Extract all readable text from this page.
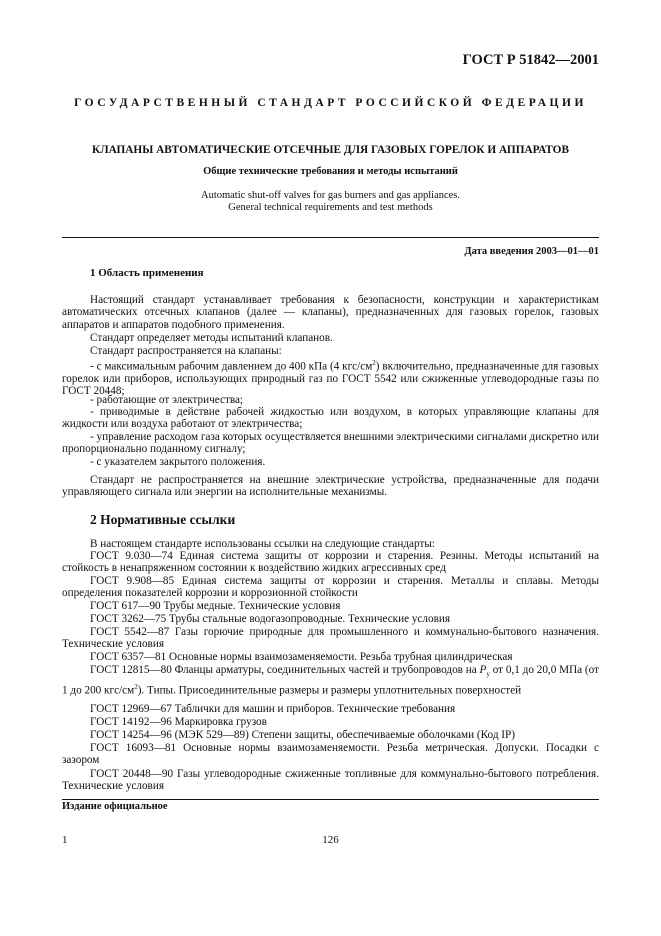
ГОСТ Р 51842—2001
ГОСУДАРСТВЕННЫЙ СТАНДАРТ РОССИЙСКОЙ ФЕДЕРАЦИИ
КЛАПАНЫ АВТОМАТИЧЕСКИЕ ОТСЕЧНЫЕ ДЛЯ ГАЗОВЫХ ГОРЕЛОК И АППАРАТОВ
Общие технические требования и методы испытаний
Automatic shut-off valves for gas burners and gas appliances.
General technical requirements and test methods
Дата введения 2003—01—01
1 Область применения

Настоящий стандарт устанавливает требования к безопасности, конструкции и характеристикам автоматических отсечных клапанов (далее — клапаны), предназначенных для газовых горелок, газовых аппаратов и аппаратов подобного применения.

Стандарт определяет методы испытаний клапанов.

Стандарт распространяется на клапаны:

- с максимальным рабочим давлением до 400 кПа (4 кгс/$см^2$) включительно, предназначенные для газовых горелок или приборов, использующих природный газ по ГОСТ 5542 или сжиженные углеводородные газы по ГОСТ 20448;

- работающие от электричества;

- приводимые в действие рабочей жидкостью или воздухом, в которых управляющие клапаны для жидкости или воздуха работают от электричества;

- управление расходом газа которых осуществляется внешними электрическими сигналами дискретно или пропорционально поданному сигналу;

- с указателем закрытого положения.

Стандарт не распространяется на внешние электрические устройства, предназначенные для подачи управляющего сигнала или энергии на исполнительные механизмы.

2 Нормативные ссылки

В настоящем стандарте использованы ссылки на следующие стандарты:

ГОСТ 9.030—74 Единая система защиты от коррозии и старения. Резины. Методы испытаний на стойкость в ненапряженном состоянии к воздействию жидких агрессивных сред

ГОСТ 9.908—85 Единая система защиты от коррозии и старения. Металлы и сплавы. Методы определения показателей коррозии и коррозионной стойкости

ГОСТ 617—90 Трубы медные. Технические условия

ГОСТ 3262—75 Трубы стальные водогазопроводные. Технические условия

ГОСТ 5542—87 Газы горючие природные для промышленного и коммунально-бытового назначения. Технические условия

ГОСТ 6357—81 Основные нормы взаимозаменяемости. Резьба трубная цилиндрическая

ГОСТ 12815—80 Фланцы арматуры, соединительных частей и трубопроводов на $P_у$ от 0,1 до 20,0 МПа (от 1 до 200 кгс/$см^2$). Типы. Присоединительные размеры и размеры уплотнительных поверхностей

ГОСТ 12969—67 Таблички для машин и приборов. Технические требования

ГОСТ 14192—96 Маркировка грузов

ГОСТ 14254—96 (МЭК 529—89) Степени защиты, обеспечиваемые оболочками (Код IP)

ГОСТ 16093—81 Основные нормы взаимозаменяемости. Резьба метрическая. Допуски. Посадки с зазором

ГОСТ 20448—90 Газы углеводородные сжиженные топливные для коммунально-бытового потребления. Технические условия

Издание официальное
1	126
